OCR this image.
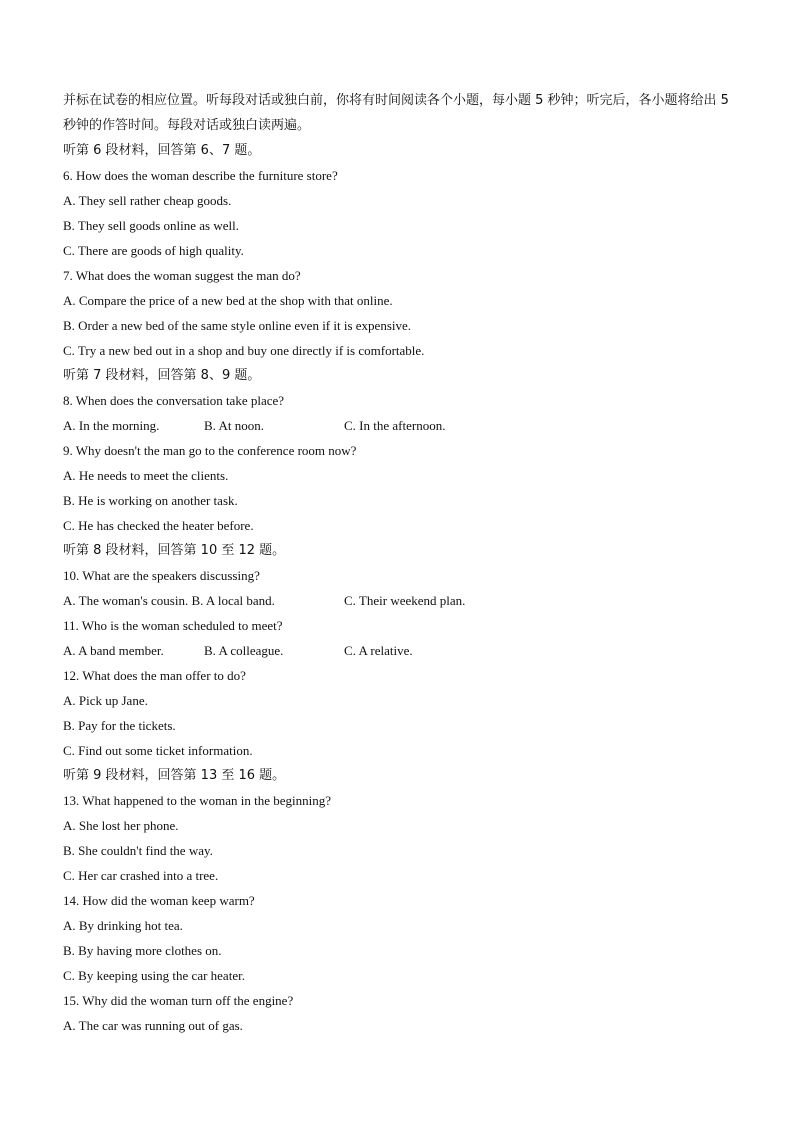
并标在试卷的相应位置。听每段对话或独白前，你将有时间阅读各个小题，每小题 5 秒钟；听完后，各小题将给出 5 秒钟的作答时间。每段对话或独白读两遍。

听第 6 段材料，回答第 6、7 题。
6. How does the woman describe the furniture store?
A. They sell rather cheap goods.
B. They sell goods online as well.
C. There are goods of high quality.
7. What does the woman suggest the man do?
A. Compare the price of a new bed at the shop with that online.
B. Order a new bed of the same style online even if it is expensive.
C. Try a new bed out in a shop and buy one directly if is comfortable.
听第 7 段材料，回答第 8、9 题。
8. When does the conversation take place?
A. In the morning.	B. At noon.	C. In the afternoon.
9. Why doesn't the man go to the conference room now?
A. He needs to meet the clients.
B. He is working on another task.
C. He has checked the heater before.
听第 8 段材料，回答第 10 至 12 题。
10. What are the speakers discussing?
A. The woman's cousin. B. A local band.	C. Their weekend plan.
11. Who is the woman scheduled to meet?
A. A band member.	B. A colleague.	C. A relative.
12. What does the man offer to do?
A. Pick up Jane.
B. Pay for the tickets.
C. Find out some ticket information.
听第 9 段材料，回答第 13 至 16 题。
13. What happened to the woman in the beginning?
A. She lost her phone.
B. She couldn't find the way.
C. Her car crashed into a tree.
14. How did the woman keep warm?
A. By drinking hot tea.
B. By having more clothes on.
C. By keeping using the car heater.
15. Why did the woman turn off the engine?
A. The car was running out of gas.
